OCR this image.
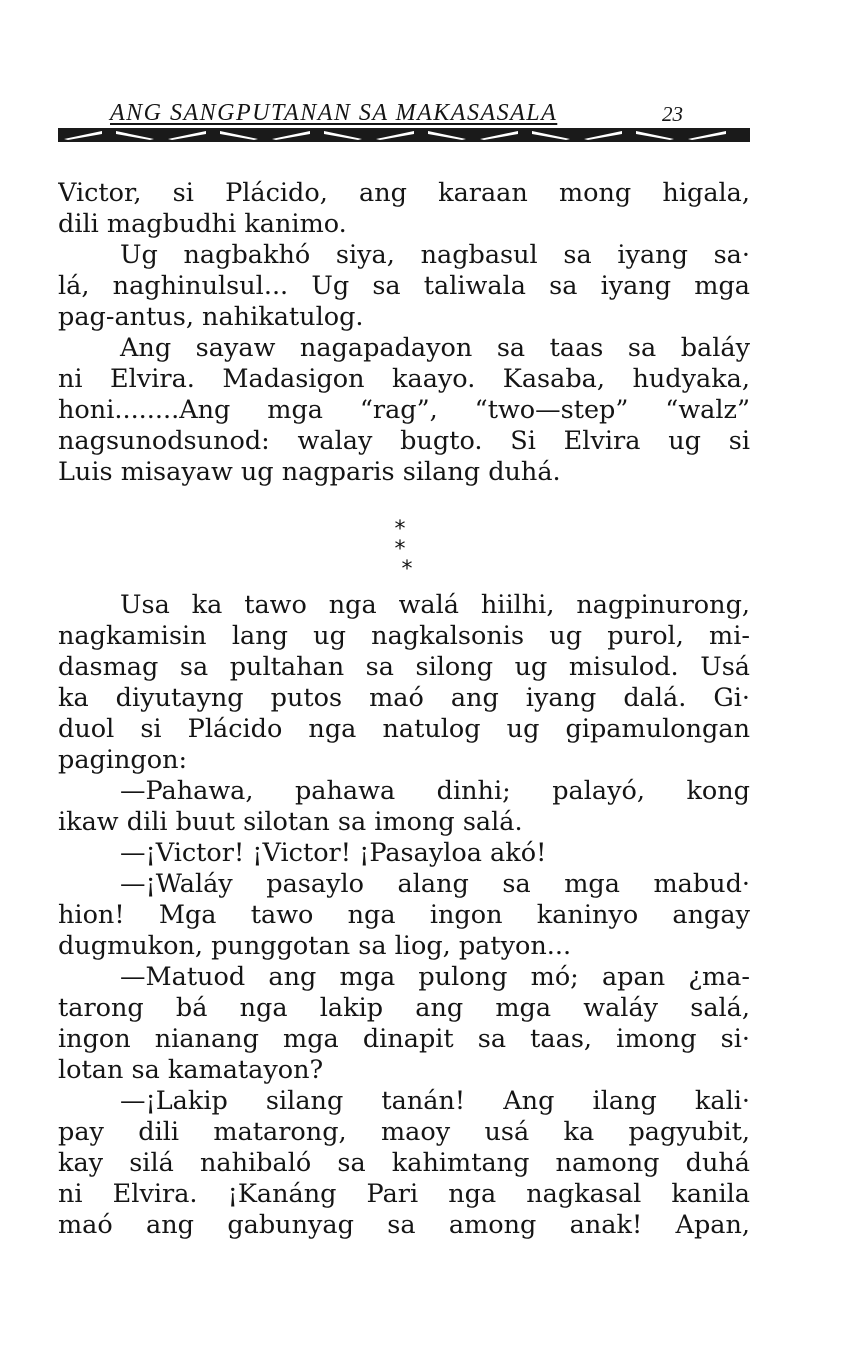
ANG SANGPUTANAN SA MAKASASALA	23
Victor, si Plácido, ang karaan mong higala,
dili magbudhi kanimo.
Ug nagbakhó siya, nagbasul sa iyang sa·
lá, naghinulsul... Ug sa taliwala sa iyang mga
pag-antus, nahikatulog.
Ang sayaw nagapadayon sa taas sa baláy
ni Elvira. Madasigon kaayo. Kasaba, hudyaka,
honi........Ang mga “rag”, “two—step” “walz”
nagsunodsunod: walay bugto. Si Elvira ug si
Luis misayaw ug nagparis silang duhá.
* *
*
Usa ka tawo nga walá hiilhi, nagpinurong,
nagkamisin lang ug nagkalsonis ug purol, mi-
dasmag sa pultahan sa silong ug misulod. Usá
ka diyutayng putos maó ang iyang dalá. Gi·
duol si Plácido nga natulog ug gipamulongan
pagingon:
—Pahawa, pahawa dinhi; palayó, kong
ikaw dili buut silotan sa imong salá.
—¡Victor! ¡Victor! ¡Pasayloa akó!
—¡Waláy pasaylo alang sa mga mabud·
hion! Mga tawo nga ingon kaninyo angay
dugmukon, punggotan sa liog, patyon...
—Matuod ang mga pulong mó; apan ¿ma-
tarong bá nga lakip ang mga waláy salá,
ingon nianang mga dinapit sa taas, imong si·
lotan sa kamatayon?
—¡Lakip silang tanán! Ang ilang kali·
pay dili matarong, maoy usá ka pagyubit,
kay silá nahibaló sa kahimtang namong duhá
ni Elvira. ¡Kanáng Pari nga nagkasal kanila
maó ang gabunyag sa among anak! Apan,
